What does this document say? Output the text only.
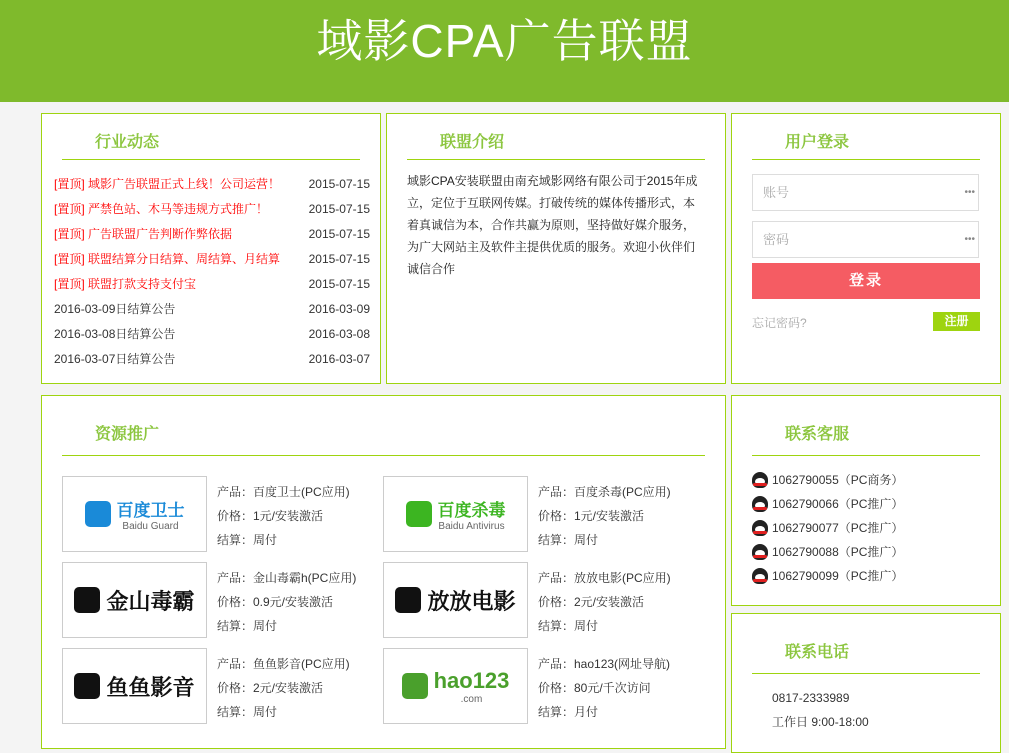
域影CPA广告联盟
行业动态
[置顶] 域影广告联盟正式上线！公司运营！	2015-07-15
[置顶] 严禁色站、木马等违规方式推广！	2015-07-15
[置顶] 广告联盟广告判断作弊依据	2015-07-15
[置顶] 联盟结算分日结算、周结算、月结算	2015-07-15
[置顶] 联盟打款支持支付宝	2015-07-15
2016-03-09日结算公告	2016-03-09
2016-03-08日结算公告	2016-03-08
2016-03-07日结算公告	2016-03-07
联盟介绍
域影CPA安装联盟由南充域影网络有限公司于2015年成立，定位于互联网传媒。打破传统的媒体传播形式，本着真诚信为本，合作共赢为原则，坚持做好媒介服务，为广大网站主及软件主提供优质的服务。欢迎小伙伴们诚信合作
用户登录
账号	•••
密码	•••
登录
忘记密码?	注册
资源推广
百度卫士
Baidu Guard
产品：百度卫士(PC应用)
价格：1元/安装激活
结算：周付
百度杀毒
Baidu Antivirus
产品：百度杀毒(PC应用)
价格：1元/安装激活
结算：周付
金山毒霸
产品：金山毒霸h(PC应用)
价格：0.9元/安装激活
结算：周付
放放电影
产品：放放电影(PC应用)
价格：2元/安装激活
结算：周付
鱼鱼影音
产品：鱼鱼影音(PC应用)
价格：2元/安装激活
结算：周付
hao123
.com
产品：hao123(网址导航)
价格：80元/千次访问
结算：月付
联系客服
1062790055（PC商务）
1062790066（PC推广）
1062790077（PC推广）
1062790088（PC推广）
1062790099（PC推广）
联系电话
0817-2333989
工作日 9:00-18:00
